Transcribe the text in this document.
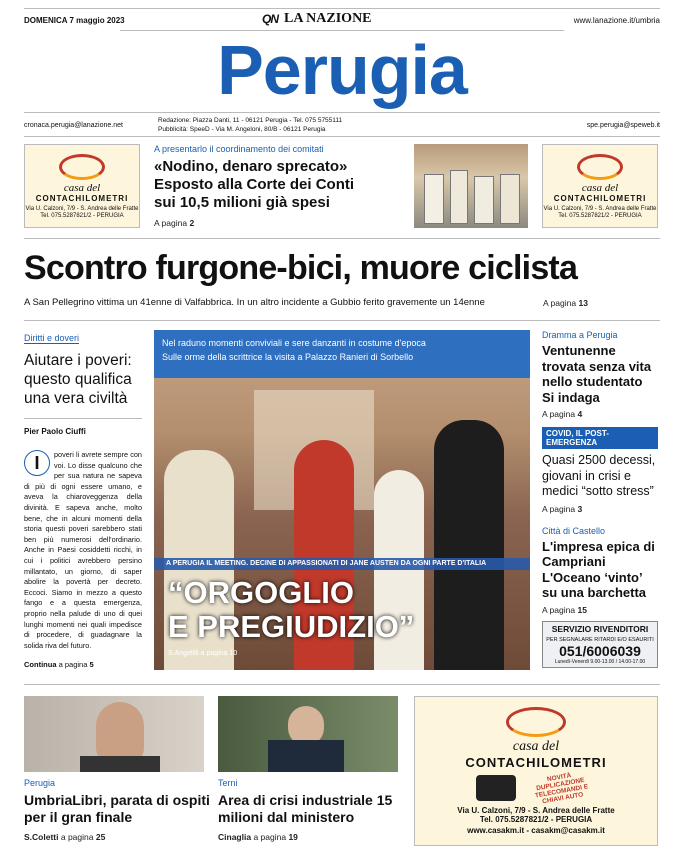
DOMENICA 7 maggio 2023	QN LA NAZIONE	www.lanazione.it/umbria
Perugia
cronaca.perugia@lanazione.net
Redazione: Piazza Danti, 11 - 06121 Perugia - Tel. 075 5755111
Pubblicità: SpeeD - Via M. Angeloni, 80/B - 06121 Perugia
spe.perugia@speweb.it
casa del
CONTACHILOMETRI
Via U. Calzoni, 7/9 - S. Andrea delle Fratte
Tel. 075.5287821/2 - PERUGIA
A presentarlo il coordinamento dei comitati
«Nodino, denaro sprecato»
Esposto alla Corte dei Conti
sui 10,5 milioni già spesi
A pagina 2
casa del
CONTACHILOMETRI
Via U. Calzoni, 7/9 - S. Andrea delle Fratte
Tel. 075.5287821/2 - PERUGIA
Scontro furgone-bici, muore ciclista
A San Pellegrino vittima un 41enne di Valfabbrica. In un altro incidente a Gubbio ferito gravemente un 14enne	A pagina 13
Diritti e doveri
Aiutare i poveri: questo qualifica una vera civiltà
Pier Paolo Ciuffi
I	poveri li avrete sempre con voi. Lo disse qualcuno che per sua natura ne sapeva di più di ogni essere umano, e aveva la chiaroveggenza della divinità. E sapeva anche, molto bene, che in alcuni momenti della storia questi poveri sarebbero stati ben più numerosi dell'ordinario. Anche in Paesi cosiddetti ricchi, in cui i politici avrebbero persino millantato, un giorno, di saper abolire la povertà per decreto. Eccoci. Siamo in mezzo a questo fango e a questa emergenza, proprio nella palude di uno di quei lunghi momenti nei quali impedisce di procedere, di guadagnare la solida riva del futuro.
Continua a pagina 5
Nel raduno momenti conviviali e sere danzanti in costume d'epoca
Sulle orme della scrittrice la visita a Palazzo Ranieri di Sorbello
A PERUGIA IL MEETING. DECINE DI APPASSIONATI DI JANE AUSTEN DA OGNI PARTE D'ITALIA
“ORGOGLIO
E PREGIUDIZIO”
S.Angelilli a pagina 10
Dramma a Perugia
Ventunenne trovata senza vita nello studentato Si indaga
A pagina 4
COVID, IL POST-EMERGENZA
Quasi 2500 decessi, giovani in crisi e medici “sotto stress”
A pagina 3
Città di Castello
L'impresa epica di Campriani L'Oceano ‘vinto’ su una barchetta
A pagina 15
SERVIZIO RIVENDITORI
PER SEGNALARE RITARDI E/O ESAURITI
051/6006039
Lunedì-Venerdì 9.00-13.00 / 14.00-17.00
Perugia
UmbriaLibri, parata di ospiti per il gran finale
S.Coletti a pagina 25
Terni
Area di crisi industriale 15 milioni dal ministero
Cinaglia a pagina 19
casa del
CONTACHILOMETRI
NOVITÀ DUPLICAZIONE TELECOMANDI E CHIAVI AUTO
Via U. Calzoni, 7/9 - S. Andrea delle Fratte
Tel. 075.5287821/2 - PERUGIA
www.casakm.it - casakm@casakm.it
